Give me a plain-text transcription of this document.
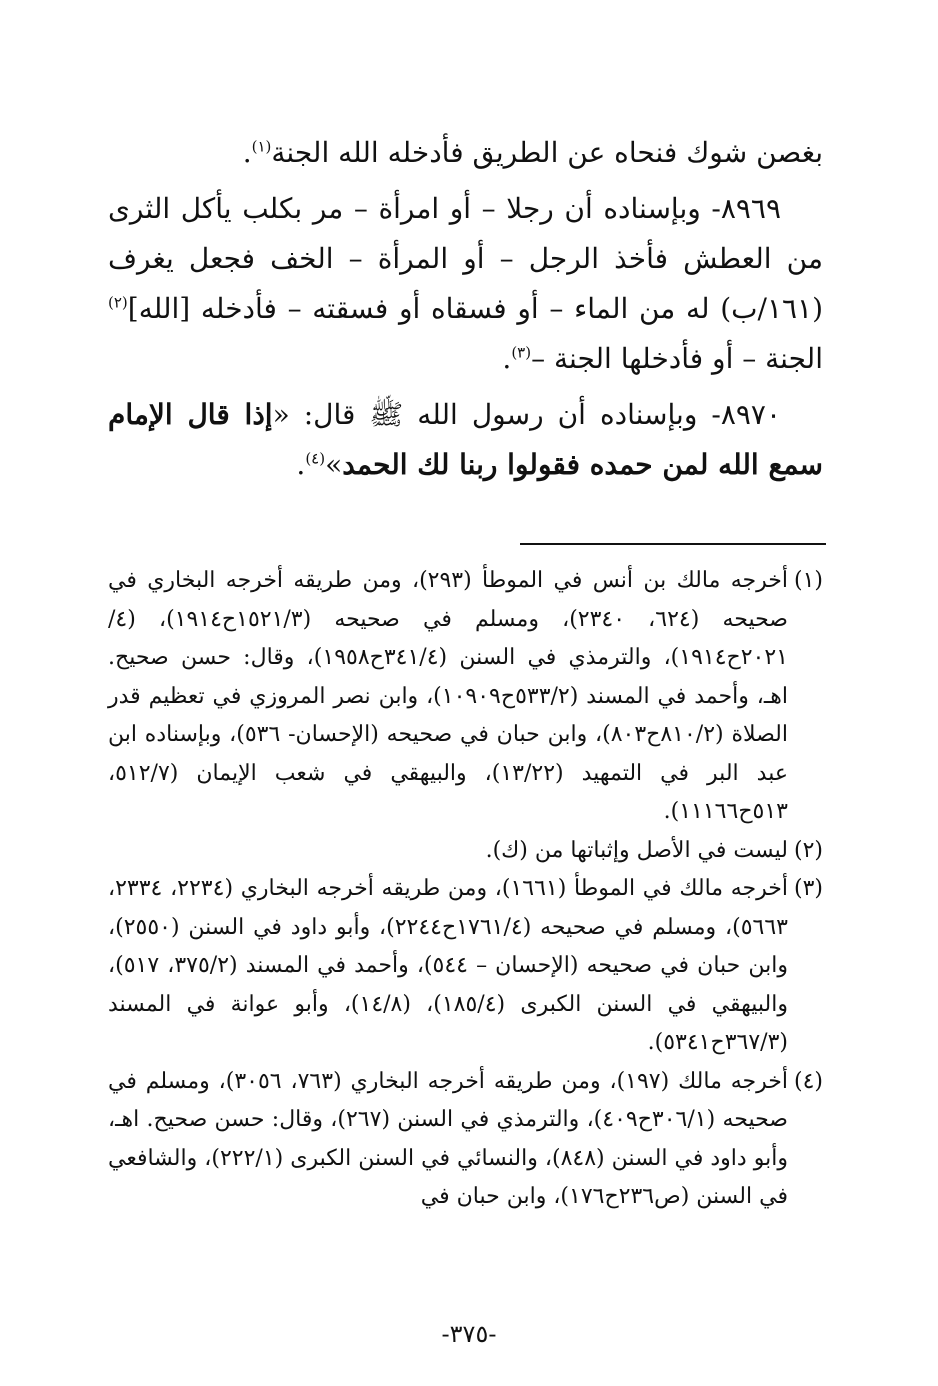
بغصن شوك فنحاه عن الطريق فأدخله الله الجنة$^{(١)}$.

٨٩٦٩- وبإسناده أن رجلا – أو امرأة – مر بكلب يأكل الثرى من العطش فأخذ الرجل – أو المرأة – الخف فجعل يغرف (١٦١/ب) له من الماء – أو فسقاه أو فسقته – فأدخله [الله]$^{(٢)}$ الجنة – أو فأدخلها الجنة –$^{(٣)}$.

٨٩٧٠- وبإسناده أن رسول الله ﷺ قال: «إذا قال الإمام سمع الله لمن حمده فقولوا ربنا لك الحمد»$^{(٤)}$.

(١)
أخرجه مالك بن أنس في الموطأ (٢٩٣)، ومن طريقه أخرجه البخاري في صحيحه (٦٢٤، ٢٣٤٠)، ومسلم في صحيحه (١٥٢١/٣ح١٩١٤)، (٤/ ٢٠٢١ح١٩١٤)، والترمذي في السنن (٣٤١/٤ح١٩٥٨)، وقال: حسن صحيح. اهـ، وأحمد في المسند (٥٣٣/٢ح١٠٩٠٩)، وابن نصر المروزي في تعظيم قدر الصلاة (٨١٠/٢ح٨٠٣)، وابن حبان في صحيحه (الإحسان- ٥٣٦)، وبإسناده ابن عبد البر في التمهيد (١٣/٢٢)، والبيهقي في شعب الإيمان (٥١٢/٧، ٥١٣ح١١١٦٦).
(٢)
ليست في الأصل وإثباتها من (ك).
(٣)
أخرجه مالك في الموطأ (١٦٦١)، ومن طريقه أخرجه البخاري (٢٢٣٤، ٢٣٣٤، ٥٦٦٣)، ومسلم في صحيحه (١٧٦١/٤ح٢٢٤٤)، وأبو داود في السنن (٢٥٥٠)، وابن حبان في صحيحه (الإحسان – ٥٤٤)، وأحمد في المسند (٣٧٥/٢، ٥١٧)، والبيهقي في السنن الكبرى (١٨٥/٤)، (١٤/٨)، وأبو عوانة في المسند (٣٦٧/٣ح٥٣٤١).
(٤)
أخرجه مالك (١٩٧)، ومن طريقه أخرجه البخاري (٧٦٣، ٣٠٥٦)، ومسلم في صحيحه (٣٠٦/١ح٤٠٩)، والترمذي في السنن (٢٦٧)، وقال: حسن صحيح. اهـ، وأبو داود في السنن (٨٤٨)، والنسائي في السنن الكبرى (٢٢٢/١)، والشافعي في السنن (ص٢٣٦ح١٧٦)، وابن حبان في
-٣٧٥-
